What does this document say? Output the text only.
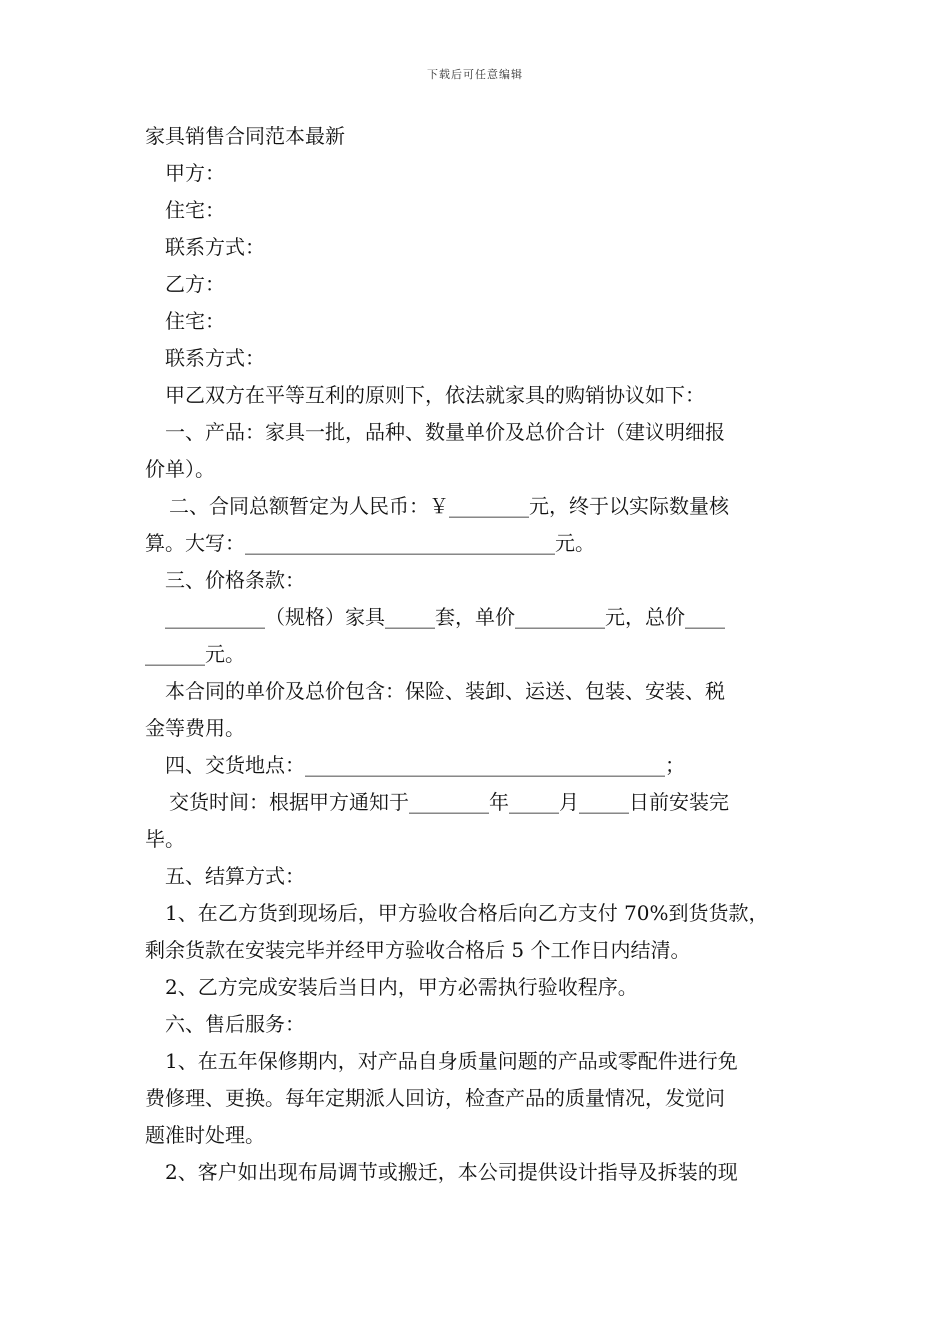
下载后可任意编辑
家具销售合同范本最新
甲方：
住宅：
联系方式：
乙方：
住宅：
联系方式：
甲乙双方在平等互利的原则下，依法就家具的购销协议如下：
一、产品：家具一批，品种、数量单价及总价合计（建议明细报
价单）。
二、合同总额暂定为人民币：￥________元，终于以实际数量核
算。大写：_______________________________元。
三、价格条款：
__________（规格）家具_____套，单价_________元，总价____
______元。
本合同的单价及总价包含：保险、装卸、运送、包装、安装、税
金等费用。
四、交货地点：____________________________________；
交货时间：根据甲方通知于________年_____月_____日前安装完
毕。
五、结算方式：
1、在乙方货到现场后，甲方验收合格后向乙方支付 70%到货货款，
剩余货款在安装完毕并经甲方验收合格后 5 个工作日内结清。
2、乙方完成安装后当日内，甲方必需执行验收程序。
六、售后服务：
1、在五年保修期内，对产品自身质量问题的产品或零配件进行免
费修理、更换。每年定期派人回访，检查产品的质量情况，发觉问
题准时处理。
2、客户如出现布局调节或搬迁，本公司提供设计指导及拆装的现
